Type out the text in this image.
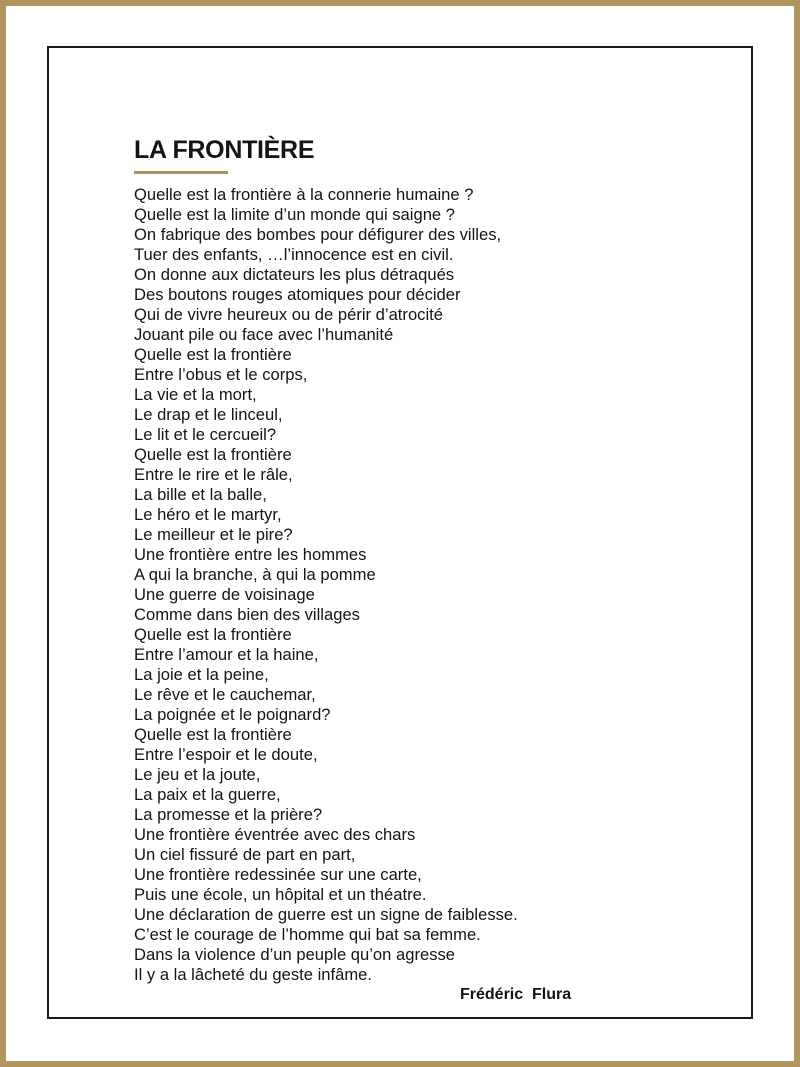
LA FRONTIÈRE
Quelle est la frontière à la connerie humaine ?
Quelle est la limite d’un monde qui saigne ?
On fabrique des bombes pour défigurer des villes,
Tuer des enfants, …l’innocence est en civil.
On donne aux dictateurs les plus détraqués
Des boutons rouges atomiques pour décider
Qui de vivre heureux ou de périr d’atrocité
Jouant pile ou face avec l’humanité
Quelle est la frontière
Entre l’obus et le corps,
La vie et la mort,
Le drap et le linceul,
Le lit et le cercueil?
Quelle est la frontière
Entre le rire et le râle,
La bille et la balle,
Le héro et le martyr,
Le meilleur et le pire?
Une frontière entre les hommes
A qui la branche, à qui la pomme
Une guerre de voisinage
Comme dans bien des villages
Quelle est la frontière
Entre l’amour et la haine,
La joie et la peine,
Le rêve et le cauchemar,
La poignée et le poignard?
Quelle est la frontière
Entre l’espoir et le doute,
Le jeu et la joute,
La paix et la guerre,
La promesse et la prière?
Une frontière éventrée avec des chars
Un ciel fissuré de part en part,
Une frontière redessinée sur une carte,
Puis une école, un hôpital et un théatre.
Une déclaration de guerre est un signe de faiblesse.
C’est le courage de l’homme qui bat sa femme.
Dans la violence d’un peuple qu’on agresse
Il y a la lâcheté du geste infâme.
Frédéric  Flura
